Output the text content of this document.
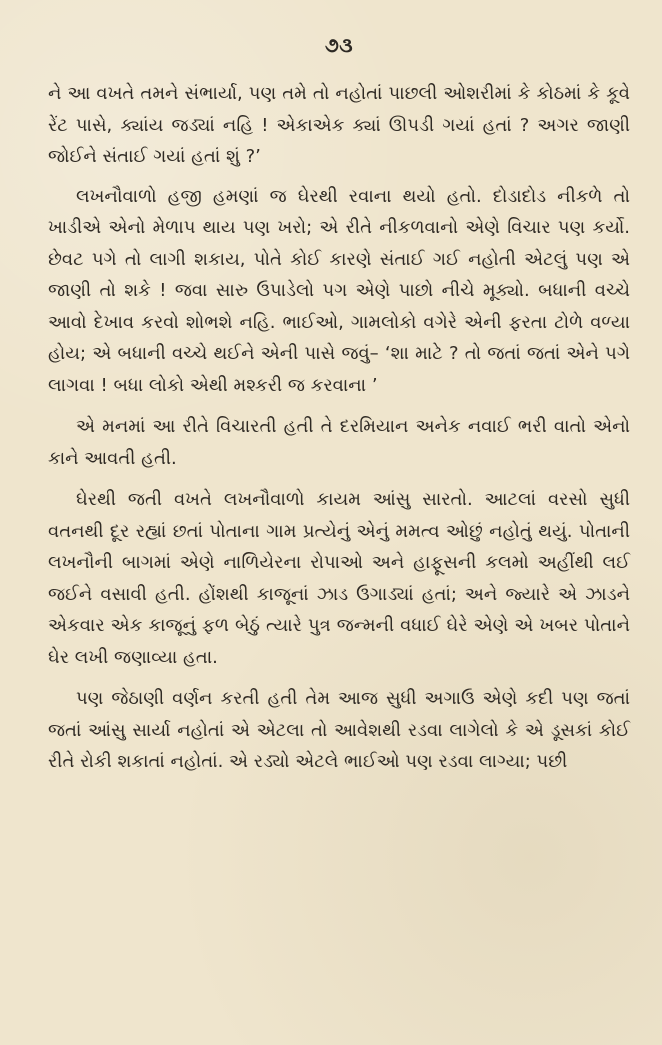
૭૩

ને આ વખતે તમને સંભાર્યા, પણ તમે તો નહોતાં પાછલી ઓશરીમાં કે કોઠમાં કે કૂવે રેંટ પાસે, ક્યાંય જડ્યાં નહિ ! એકાએક ક્યાં ઊપડી ગયાં હતાં ? અગર જાણી જોઈને સંતાઈ ગયાં હતાં શું ?’

લખનૌવાળો હજી હમણાં જ ઘેરથી રવાના થયો હતો. દોડાદોડ નીકળે તો ખાડીએ એનો મેળાપ થાય પણ ખરો; એ રીતે નીકળવાનો એણે વિચાર પણ કર્યો. છેવટ પગે તો લાગી શકાય, પોતે કોઈ કારણે સંતાઈ ગઈ નહોતી એટલું પણ એ જાણી તો શકે ! જવા સારુ ઉપાડેલો પગ એણે પાછો નીચે મૂક્યો. બધાની વચ્ચે આવો દેખાવ કરવો શોભશે નહિ. ભાઈઓ, ગામલોકો વગેરે એની ફરતા ટોળે વળ્યા હોય; એ બધાની વચ્ચે થઈને એની પાસે જવું– ‘શા માટે ? તો જતાં જતાં એને પગે લાગવા ! બધા લોકો એથી મશ્કરી જ કરવાના ’

એ મનમાં આ રીતે વિચારતી હતી તે દરમિયાન અનેક નવાઈ ભરી વાતો એનો કાને આવતી હતી.

ઘેરથી જતી વખતે લખનૌવાળો કાયમ આંસુ સારતો. આટલાં વરસો સુધી વતનથી દૂર રહ્યાં છતાં પોતાના ગામ પ્રત્યેનું એનું મમત્વ ઓછું નહોતું થયું. પોતાની લખનૌની બાગમાં એણે નાળિયેરના રોપાઓ અને હાફૂસની કલમો અહીંથી લઈ જઈને વસાવી હતી. હોંશથી કાજૂનાં ઝાડ ઉગાડ્યાં હતાં; અને જ્યારે એ ઝાડને એકવાર એક કાજૂનું ફળ બેઠું ત્યારે પુત્ર જન્મની વધાઈ ઘેરે એણે એ ખબર પોતાને ઘેર લખી જણાવ્યા હતા.

પણ જેઠાણી વર્ણન કરતી હતી તેમ આજ સુધી અગાઉ એણે કદી પણ જતાં જતાં આંસુ સાર્યા નહોતાં એ એટલા તો આવેશથી રડવા લાગેલો કે એ ડૂસકાં કોઈ રીતે રોકી શકાતાં નહોતાં. એ રડ્યો એટલે ભાઈઓ પણ રડવા લાગ્યા; પછી
